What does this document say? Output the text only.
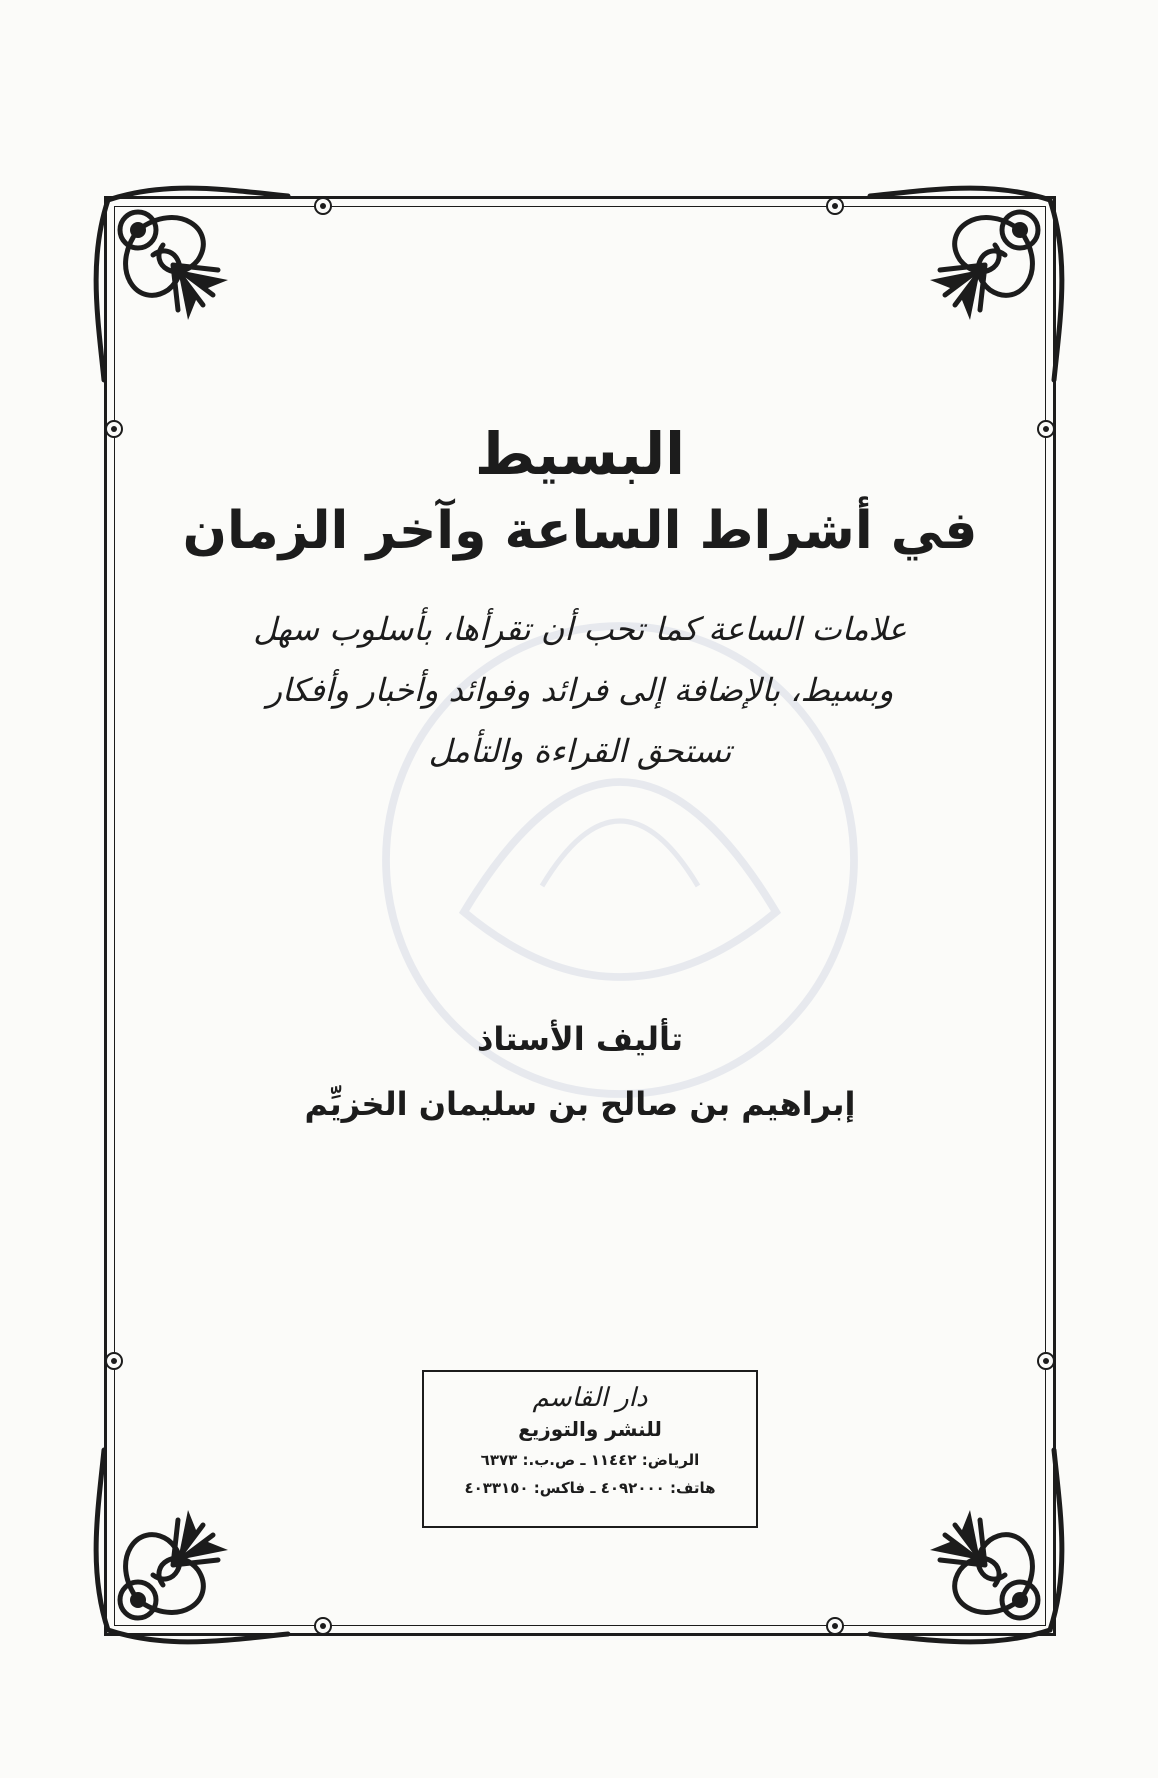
البسيط
في أشراط الساعة وآخر الزمان

علامات الساعة كما تحب أن تقرأها، بأسلوب سهل

وبسيط، بالإضافة إلى فرائد وفوائد وأخبار وأفكار

تستحق القراءة والتأمل

تأليف الأستاذ
إبراهيم بن صالح بن سليمان الخزيِّم
دار القاسم
للنشر والتوزيع
الرياض: ١١٤٤٢ ـ ص.ب.: ٦٣٧٣
هاتف: ٤٠٩٢٠٠٠ ـ فاكس: ٤٠٣٣١٥٠
